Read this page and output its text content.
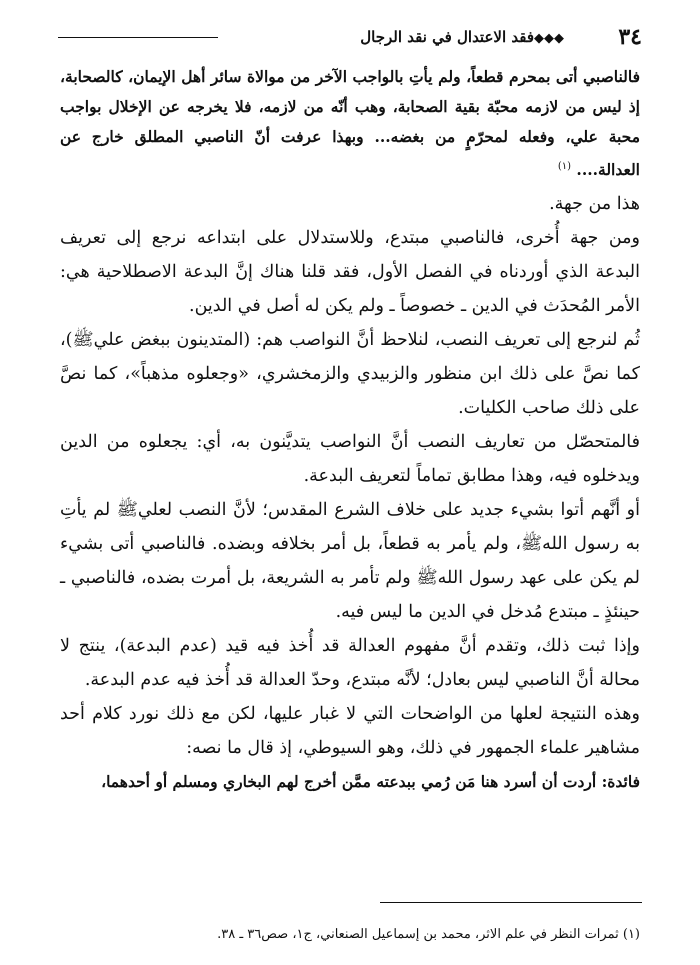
٣٤
◆◆◆فقد الاعتدال في نقد الرجال

فالناصبي أتى بمحرم قطعاً، ولم يأتِ بالواجب الآخر من موالاة سائر أهل الإيمان، كالصحابة، إذ ليس من لازمه محبّة بقية الصحابة، وهب أنّه من لازمه، فلا يخرجه عن الإخلال بواجب محبة علي، وفعله لمحرّمٍ من بغضه... وبهذا عرفت أنّ الناصبي المطلق خارج عن العدالة.... $^{(١)}$

هذا من جهة.

ومن جهة أُخرى، فالناصبي مبتدع، وللاستدلال على ابتداعه نرجع إلى تعريف البدعة الذي أوردناه في الفصل الأول، فقد قلنا هناك إنَّ البدعة الاصطلاحية هي: الأمر المُحدَث في الدين ـ خصوصاً ـ ولم يكن له أصل في الدين.

ثُم لنرجع إلى تعريف النصب، لنلاحظ أنَّ النواصب هم: (المتدينون ببغض عليﷺ)، كما نصَّ على ذلك ابن منظور والزبيدي والزمخشري، «وجعلوه مذهباً»، كما نصَّ على ذلك صاحب الكليات.

فالمتحصّل من تعاريف النصب أنَّ النواصب يتديَّنون به، أي: يجعلوه من الدين ويدخلوه فيه، وهذا مطابق تماماً لتعريف البدعة.

أو أنَّهم أتوا بشيء جديد على خلاف الشرع المقدس؛ لأنَّ النصب لعليﷺ لم يأتِ به رسول اللهﷺ، ولم يأمر به قطعاً، بل أمر بخلافه وبضده. فالناصبي أتى بشيء لم يكن على عهد رسول اللهﷺ ولم تأمر به الشريعة، بل أمرت بضده، فالناصبي ـ حينئذٍ ـ مبتدع مُدخل في الدين ما ليس فيه.

وإذا ثبت ذلك، وتقدم أنَّ مفهوم العدالة قد أُخذ فيه قيد (عدم البدعة)، ينتج لا محالة أنَّ الناصبي ليس بعادل؛ لأنَّه مبتدع، وحدّ العدالة قد أُخذ فيه عدم البدعة.

وهذه النتيجة لعلها من الواضحات التي لا غبار عليها، لكن مع ذلك نورد كلام أحد مشاهير علماء الجمهور في ذلك، وهو السيوطي، إذ قال ما نصه:

فائدة: أردت أن أسرد هنا مَن رُمي ببدعته ممَّن أخرج لهم البخاري ومسلم أو أحدهما،

(١) ثمرات النظر في علم الاثر، محمد بن إسماعيل الصنعاني، ج١، صص٣٦ ـ ٣٨.
